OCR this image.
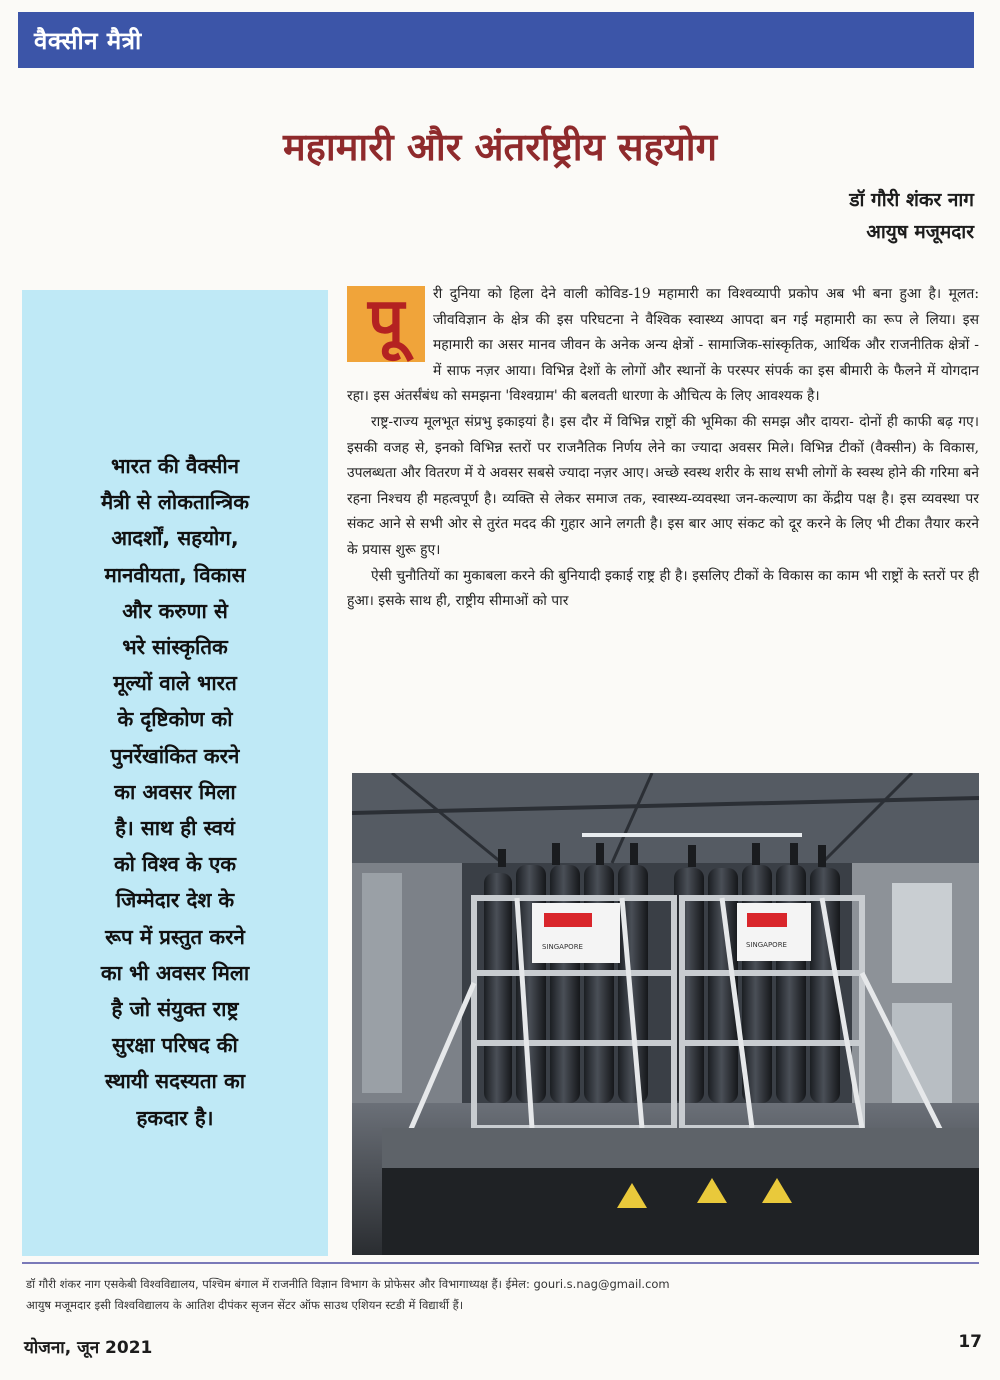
वैक्सीन मैत्री
महामारी और अंतर्राष्ट्रीय सहयोग
डॉ गौरी शंकर नाग
आयुष मजूमदार
भारत की वैक्सीन
मैत्री से लोकतान्त्रिक
आदर्शों, सहयोग,
मानवीयता, विकास
और करुणा से
भरे सांस्कृतिक
मूल्यों वाले भारत
के दृष्टिकोण को
पुनर्रेखांकित करने
का अवसर मिला
है। साथ ही स्वयं
को विश्व के एक
जिम्मेदार देश के
रूप में प्रस्तुत करने
का भी अवसर मिला
है जो संयुक्त राष्ट्र
सुरक्षा परिषद की
स्थायी सदस्यता का
हकदार है।

पू	री दुनिया को हिला देने वाली कोविड-19 महामारी का विश्वव्यापी प्रकोप अब भी बना हुआ है। मूलत: जीवविज्ञान के क्षेत्र की इस परिघटना ने वैश्विक स्वास्थ्य आपदा बन गई महामारी का रूप ले लिया। इस महामारी का असर मानव जीवन के अनेक अन्य क्षेत्रों - सामाजिक-सांस्कृतिक, आर्थिक और राजनीतिक क्षेत्रों - में साफ नज़र आया। विभिन्न देशों के लोगों और स्थानों के परस्पर संपर्क का इस बीमारी के फैलने में योगदान रहा। इस अंतर्संबंध को समझना 'विश्वग्राम' की बलवती धारणा के औचित्य के लिए आवश्यक है।

राष्ट्र-राज्य मूलभूत संप्रभु इकाइयां है। इस दौर में विभिन्न राष्ट्रों की भूमिका की समझ और दायरा- दोनों ही काफी बढ़ गए। इसकी वजह से, इनको विभिन्न स्तरों पर राजनैतिक निर्णय लेने का ज्यादा अवसर मिले। विभिन्न टीकों (वैक्सीन) के विकास, उपलब्धता और वितरण में ये अवसर सबसे ज्यादा नज़र आए। अच्छे स्वस्थ शरीर के साथ सभी लोगों के स्वस्थ होने की गरिमा बने रहना निश्चय ही महत्वपूर्ण है। व्यक्ति से लेकर समाज तक, स्वास्थ्य-व्यवस्था जन-कल्याण का केंद्रीय पक्ष है। इस व्यवस्था पर संकट आने से सभी ओर से तुरंत मदद की गुहार आने लगती है। इस बार आए संकट को दूर करने के लिए भी टीका तैयार करने के प्रयास शुरू हुए।

ऐसी चुनौतियों का मुकाबला करने की बुनियादी इकाई राष्ट्र ही है। इसलिए टीकों के विकास का काम भी राष्ट्रों के स्तरों पर ही हुआ। इसके साथ ही, राष्ट्रीय सीमाओं को पार

SINGAPORE	SINGAPORE
डॉ गौरी शंकर नाग एसकेबी विश्वविद्यालय, पश्चिम बंगाल में राजनीति विज्ञान विभाग के प्रोफेसर और विभागाध्यक्ष हैं। ईमेल: gouri.s.nag@gmail.com
आयुष मजूमदार इसी विश्वविद्यालय के आतिश दीपंकर सृजन सेंटर ऑफ साउथ एशियन स्टडी में विद्यार्थी हैं।
योजना, जून 2021	17
